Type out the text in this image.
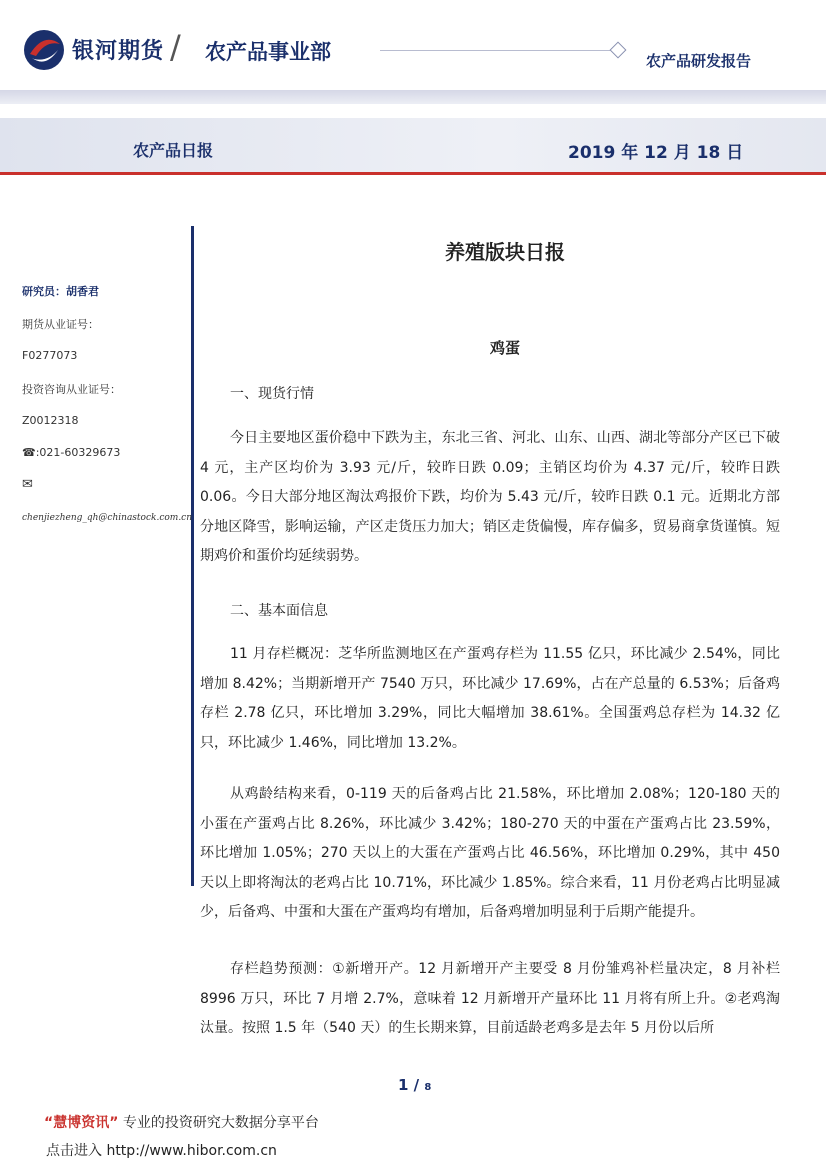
银河期货 / 农产品事业部	农产品研发报告
农产品日报	2019 年 12 月 18 日
研究员：胡香君
期货从业证号：
F0277073
投资咨询从业证号：
Z0012318
☎:021-60329673
✉
chenjiezheng_qh@chinastock.com.cn
养殖版块日报
鸡蛋
一、现货行情
今日主要地区蛋价稳中下跌为主，东北三省、河北、山东、山西、湖北等部分产区已下破 4 元，主产区均价为 3.93 元/斤，较昨日跌 0.09；主销区均价为 4.37 元/斤，较昨日跌 0.06。今日大部分地区淘汰鸡报价下跌，均价为 5.43 元/斤，较昨日跌 0.1 元。近期北方部分地区降雪，影响运输，产区走货压力加大；销区走货偏慢，库存偏多，贸易商拿货谨慎。短期鸡价和蛋价均延续弱势。
二、基本面信息
11 月存栏概况：芝华所监测地区在产蛋鸡存栏为 11.55 亿只，环比减少 2.54%，同比增加 8.42%；当期新增开产 7540 万只，环比减少 17.69%，占在产总量的 6.53%；后备鸡存栏 2.78 亿只，环比增加 3.29%，同比大幅增加 38.61%。全国蛋鸡总存栏为 14.32 亿只，环比减少 1.46%，同比增加 13.2%。
从鸡龄结构来看，0-119 天的后备鸡占比 21.58%，环比增加 2.08%；120-180 天的小蛋在产蛋鸡占比 8.26%，环比减少 3.42%；180-270 天的中蛋在产蛋鸡占比 23.59%，环比增加 1.05%；270 天以上的大蛋在产蛋鸡占比 46.56%，环比增加 0.29%，其中 450 天以上即将淘汰的老鸡占比 10.71%，环比减少 1.85%。综合来看，11 月份老鸡占比明显减少，后备鸡、中蛋和大蛋在产蛋鸡均有增加，后备鸡增加明显利于后期产能提升。
存栏趋势预测：①新增开产。12 月新增开产主要受 8 月份雏鸡补栏量决定，8 月补栏 8996 万只，环比 7 月增 2.7%，意味着 12 月新增开产量环比 11 月将有所上升。②老鸡淘汰量。按照 1.5 年（540 天）的生长期来算，目前适龄老鸡多是去年 5 月份以后所
1 / 8
“慧博资讯” 专业的投资研究大数据分享平台
点击进入 http://www.hibor.com.cn
